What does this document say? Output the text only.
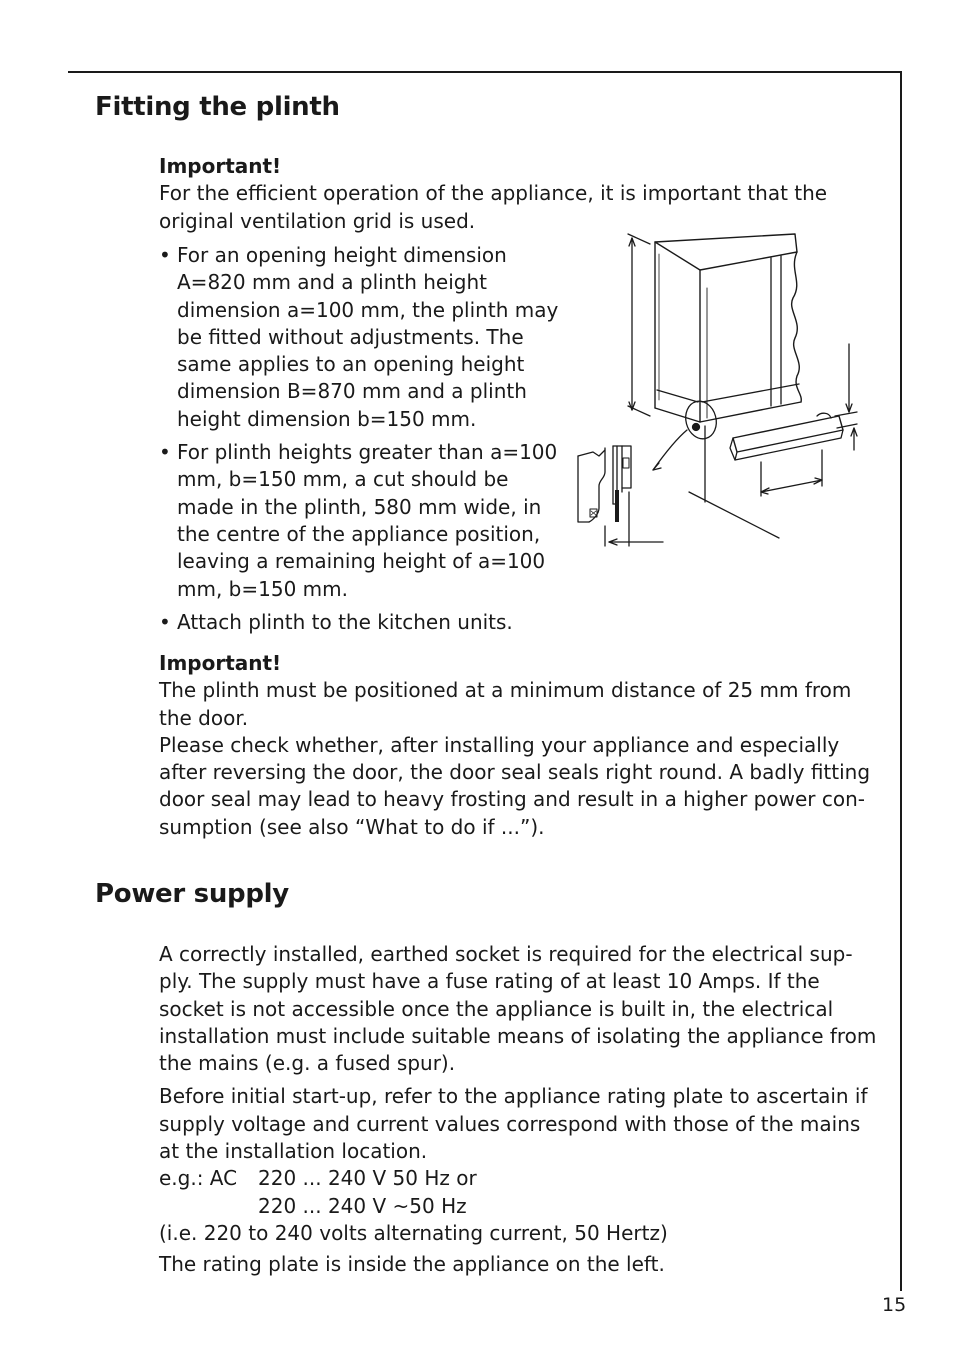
Fitting the plinth
Important!
For the efficient operation of the appliance, it is important that the original ventilation grid is used.
• For an opening height dimension A=820 mm and a plinth height dimension a=100 mm, the plinth may be fitted without adjustments. The same applies to an opening height dimension B=870 mm and a plinth height dimension b=150 mm.
• For plinth heights greater than a=100 mm, b=150 mm, a cut should be made in the plinth, 580 mm wide, in the centre of the appliance position, leaving a remaining height of a=100 mm, b=150 mm.
• Attach plinth to the kitchen units.
Important!
The plinth must be positioned at a minimum distance of 25 mm from the door.
Please check whether, after installing your appliance and especially after reversing the door, the door seal seals right round. A badly fitting door seal may lead to heavy frosting and result in a higher power con-sumption (see also “What to do if ...”).
Power supply
A correctly installed, earthed socket is required for the electrical sup-ply. The supply must have a fuse rating of at least 10 Amps. If the socket is not accessible once the appliance is built in, the electrical installation must include suitable means of isolating the appliance from the mains (e.g. a fused spur).
Before initial start-up, refer to the appliance rating plate to ascertain if supply voltage and current values correspond with those of the mains at the installation location.
e.g.: AC	220 ... 240 V 50 Hz or
220 ... 240 V ~50 Hz
(i.e. 220 to 240 volts alternating current, 50 Hertz)
The rating plate is inside the appliance on the left.
15
